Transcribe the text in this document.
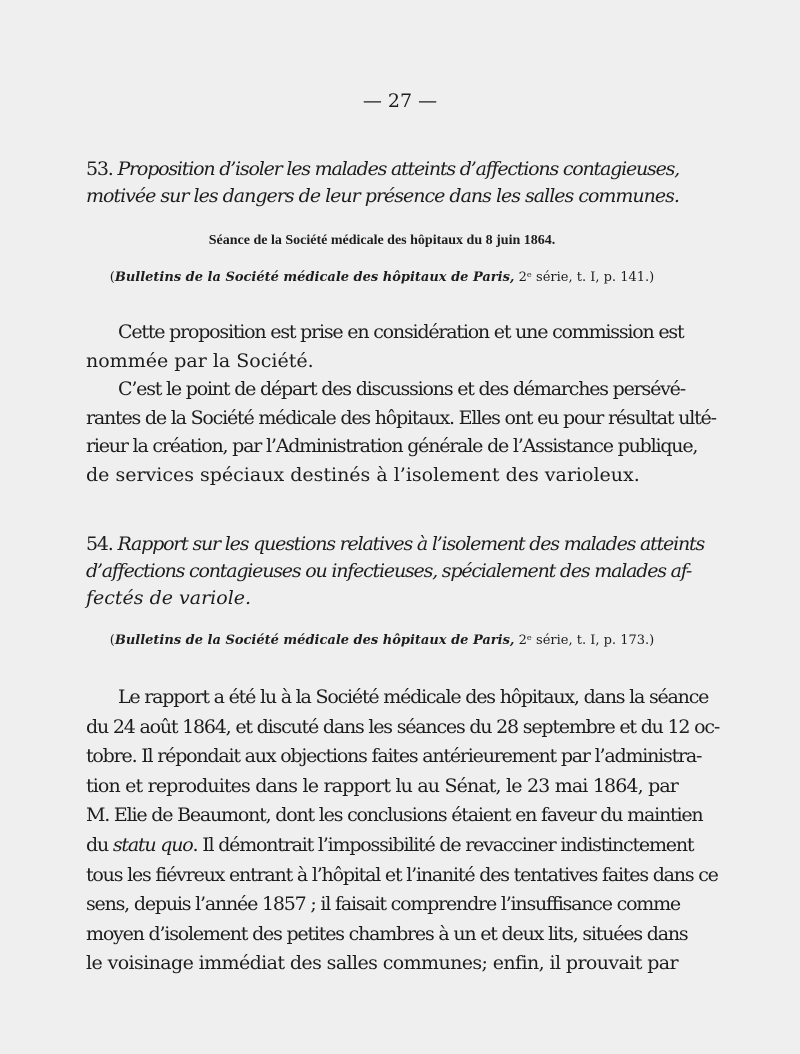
— 27 —
53. Proposition d’isoler les malades atteints d’affections contagieuses,
motivée sur les dangers de leur présence dans les salles communes.
Séance de la Société médicale des hôpitaux du 8 juin 1864.
(Bulletins de la Société médicale des hôpitaux de Paris, 2ᵉ série, t. I, p. 141.)
Cette proposition est prise en considération et une commission est
nommée par la Société.
C’est le point de départ des discussions et des démarches persévé-
rantes de la Société médicale des hôpitaux. Elles ont eu pour résultat ulté-
rieur la création, par l’Administration générale de l’Assistance publique,
de services spéciaux destinés à l’isolement des varioleux.
54. Rapport sur les questions relatives à l’isolement des malades atteints
d’affections contagieuses ou infectieuses, spécialement des malades af-
fectés de variole.
(Bulletins de la Société médicale des hôpitaux de Paris, 2ᵉ série, t. I, p. 173.)
Le rapport a été lu à la Société médicale des hôpitaux, dans la séance
du 24 août 1864, et discuté dans les séances du 28 septembre et du 12 oc-
tobre. Il répondait aux objections faites antérieurement par l’administra-
tion et reproduites dans le rapport lu au Sénat, le 23 mai 1864, par
M. Elie de Beaumont, dont les conclusions étaient en faveur du maintien
du statu quo. Il démontrait l’impossibilité de revacciner indistinctement
tous les fiévreux entrant à l’hôpital et l’inanité des tentatives faites dans ce
sens, depuis l’année 1857 ; il faisait comprendre l’insuffisance comme
moyen d’isolement des petites chambres à un et deux lits, situées dans
le voisinage immédiat des salles communes; enfin, il prouvait par
